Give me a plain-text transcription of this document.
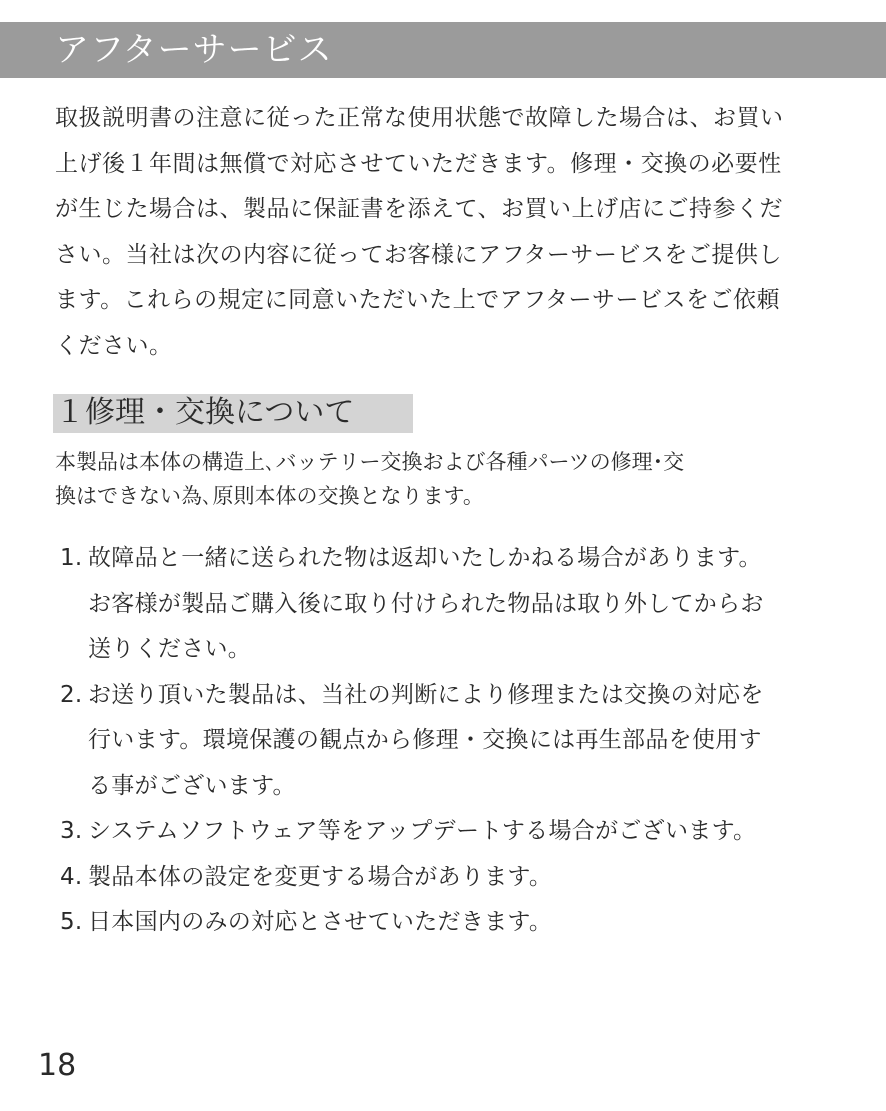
アフターサービス
取扱説明書の注意に従った正常な使用状態で故障した場合は、お買い
上げ後１年間は無償で対応させていただきます。修理・交換の必要性
が生じた場合は、製品に保証書を添えて、お買い上げ店にご持参くだ
さい。当社は次の内容に従ってお客様にアフターサービスをご提供し
ます。これらの規定に同意いただいた上でアフターサービスをご依頼
ください。
１修理・交換について
本製品は本体の構造上､バッテリー交換および各種パーツの修理･交
換はできない為､原則本体の交換となります。
1. 故障品と一緒に送られた物は返却いたしかねる場合があります。
お客様が製品ご購入後に取り付けられた物品は取り外してからお
送りください。
2. お送り頂いた製品は、当社の判断により修理または交換の対応を
行います。環境保護の観点から修理・交換には再生部品を使用す
る事がございます。
3. システムソフトウェア等をアップデートする場合がございます。
4. 製品本体の設定を変更する場合があります。
5. 日本国内のみの対応とさせていただきます。
18
